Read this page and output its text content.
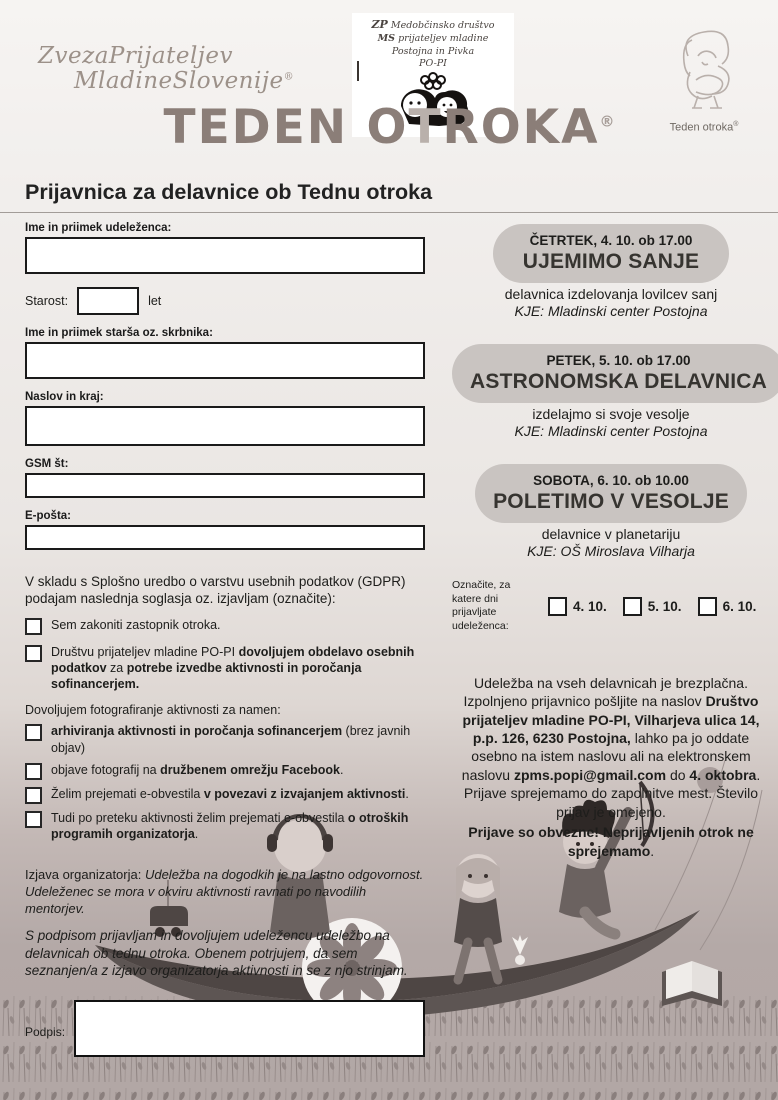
ZvezaPrijateljev
MladineSlovenije®
ZP Medobčinsko društvo
MS prijateljev mladine Postojna in Pivka
PO-PI
Teden otroka®
TEDEN OTROKA®
Prijavnica za delavnice ob Tednu otroka
Ime in priimek udeleženca:
Starost:	let
Ime in priimek starša oz. skrbnika:
Naslov in kraj:
GSM št:
E-pošta:
V skladu s Splošno uredbo o varstvu usebnih podatkov (GDPR) podajam naslednja soglasja oz. izjavljam (označite):
Sem zakoniti zastopnik otroka.
Društvu prijateljev mladine PO-PI dovoljujem obdelavo osebnih podatkov za potrebe izvedbe aktivnosti in poročanja sofinancerjem.
Dovoljujem fotografiranje aktivnosti za namen:
arhiviranja aktivnosti in poročanja sofinancerjem (brez javnih objav)
objave fotografij na družbenem omrežju Facebook.
Želim prejemati e-obvestila v povezavi z izvajanjem aktivnosti.
Tudi po preteku aktivnosti želim prejemati e-obvestila o otroških programih organizatorja.
Izjava organizatorja: Udeležba na dogodkih je na lastno odgovornost. Udeleženec se mora v okviru aktivnosti ravnati po navodilih mentorjev.
S podpisom prijavljam in dovoljujem udeležencu udeležbo na delavnicah ob tednu otroka. Obenem potrjujem, da sem seznanjen/a z izjavo organizatorja aktivnosti in se z njo strinjam.
Podpis:
ČETRTEK, 4. 10. ob 17.00
UJEMIMO SANJE
delavnica izdelovanja lovilcev sanj
KJE: Mladinski center Postojna
PETEK, 5. 10. ob 17.00
ASTRONOMSKA DELAVNICA
izdelajmo si svoje vesolje
KJE: Mladinski center Postojna
SOBOTA, 6. 10. ob 10.00
POLETIMO V VESOLJE
delavnice v planetariju
KJE: OŠ Miroslava Vilharja
Označite, za katere dni prijavljate udeleženca:
4. 10.	5. 10.	6. 10.
Udeležba na vseh delavnicah je brezplačna. Izpolnjeno prijavnico pošljite na naslov Društvo prijateljev mladine PO-PI, Vilharjeva ulica 14, p.p. 126, 6230 Postojna, lahko pa jo oddate osebno na istem naslovu ali na elektronskem naslovu zpms.popi@gmail.com do 4. oktobra. Prijave sprejemamo do zapolnitve mest. Število prijav je omejeno.
Prijave so obvezne! Neprijavljenih otrok ne sprejemamo.
